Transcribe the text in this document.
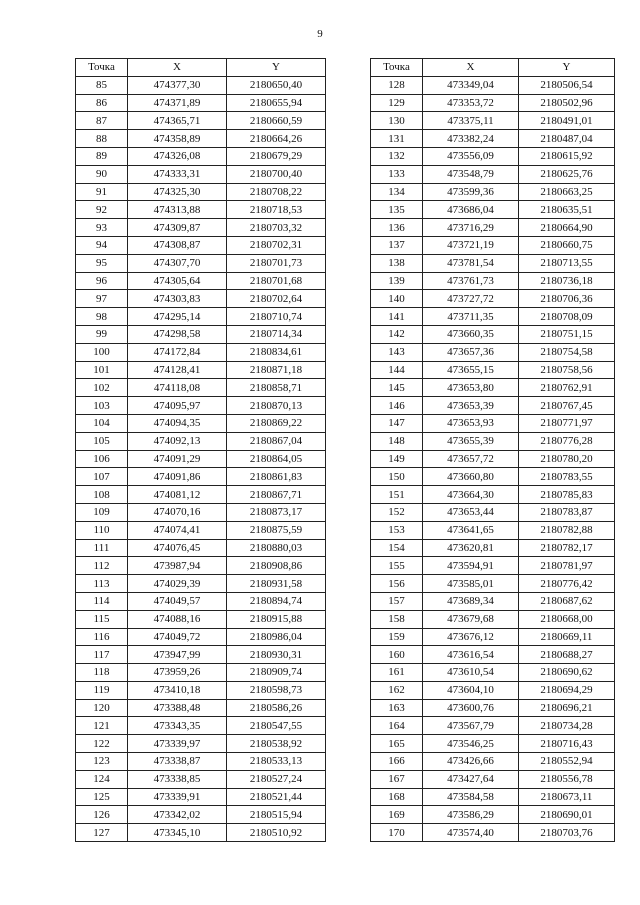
9
Точка	X	Y
85	474377,30	2180650,40
86	474371,89	2180655,94
87	474365,71	2180660,59
88	474358,89	2180664,26
89	474326,08	2180679,29
90	474333,31	2180700,40
91	474325,30	2180708,22
92	474313,88	2180718,53
93	474309,87	2180703,32
94	474308,87	2180702,31
95	474307,70	2180701,73
96	474305,64	2180701,68
97	474303,83	2180702,64
98	474295,14	2180710,74
99	474298,58	2180714,34
100	474172,84	2180834,61
101	474128,41	2180871,18
102	474118,08	2180858,71
103	474095,97	2180870,13
104	474094,35	2180869,22
105	474092,13	2180867,04
106	474091,29	2180864,05
107	474091,86	2180861,83
108	474081,12	2180867,71
109	474070,16	2180873,17
110	474074,41	2180875,59
111	474076,45	2180880,03
112	473987,94	2180908,86
113	474029,39	2180931,58
114	474049,57	2180894,74
115	474088,16	2180915,88
116	474049,72	2180986,04
117	473947,99	2180930,31
118	473959,26	2180909,74
119	473410,18	2180598,73
120	473388,48	2180586,26
121	473343,35	2180547,55
122	473339,97	2180538,92
123	473338,87	2180533,13
124	473338,85	2180527,24
125	473339,91	2180521,44
126	473342,02	2180515,94
127	473345,10	2180510,92
Точка	X	Y
128	473349,04	2180506,54
129	473353,72	2180502,96
130	473375,11	2180491,01
131	473382,24	2180487,04
132	473556,09	2180615,92
133	473548,79	2180625,76
134	473599,36	2180663,25
135	473686,04	2180635,51
136	473716,29	2180664,90
137	473721,19	2180660,75
138	473781,54	2180713,55
139	473761,73	2180736,18
140	473727,72	2180706,36
141	473711,35	2180708,09
142	473660,35	2180751,15
143	473657,36	2180754,58
144	473655,15	2180758,56
145	473653,80	2180762,91
146	473653,39	2180767,45
147	473653,93	2180771,97
148	473655,39	2180776,28
149	473657,72	2180780,20
150	473660,80	2180783,55
151	473664,30	2180785,83
152	473653,44	2180783,87
153	473641,65	2180782,88
154	473620,81	2180782,17
155	473594,91	2180781,97
156	473585,01	2180776,42
157	473689,34	2180687,62
158	473679,68	2180668,00
159	473676,12	2180669,11
160	473616,54	2180688,27
161	473610,54	2180690,62
162	473604,10	2180694,29
163	473600,76	2180696,21
164	473567,79	2180734,28
165	473546,25	2180716,43
166	473426,66	2180552,94
167	473427,64	2180556,78
168	473584,58	2180673,11
169	473586,29	2180690,01
170	473574,40	2180703,76
